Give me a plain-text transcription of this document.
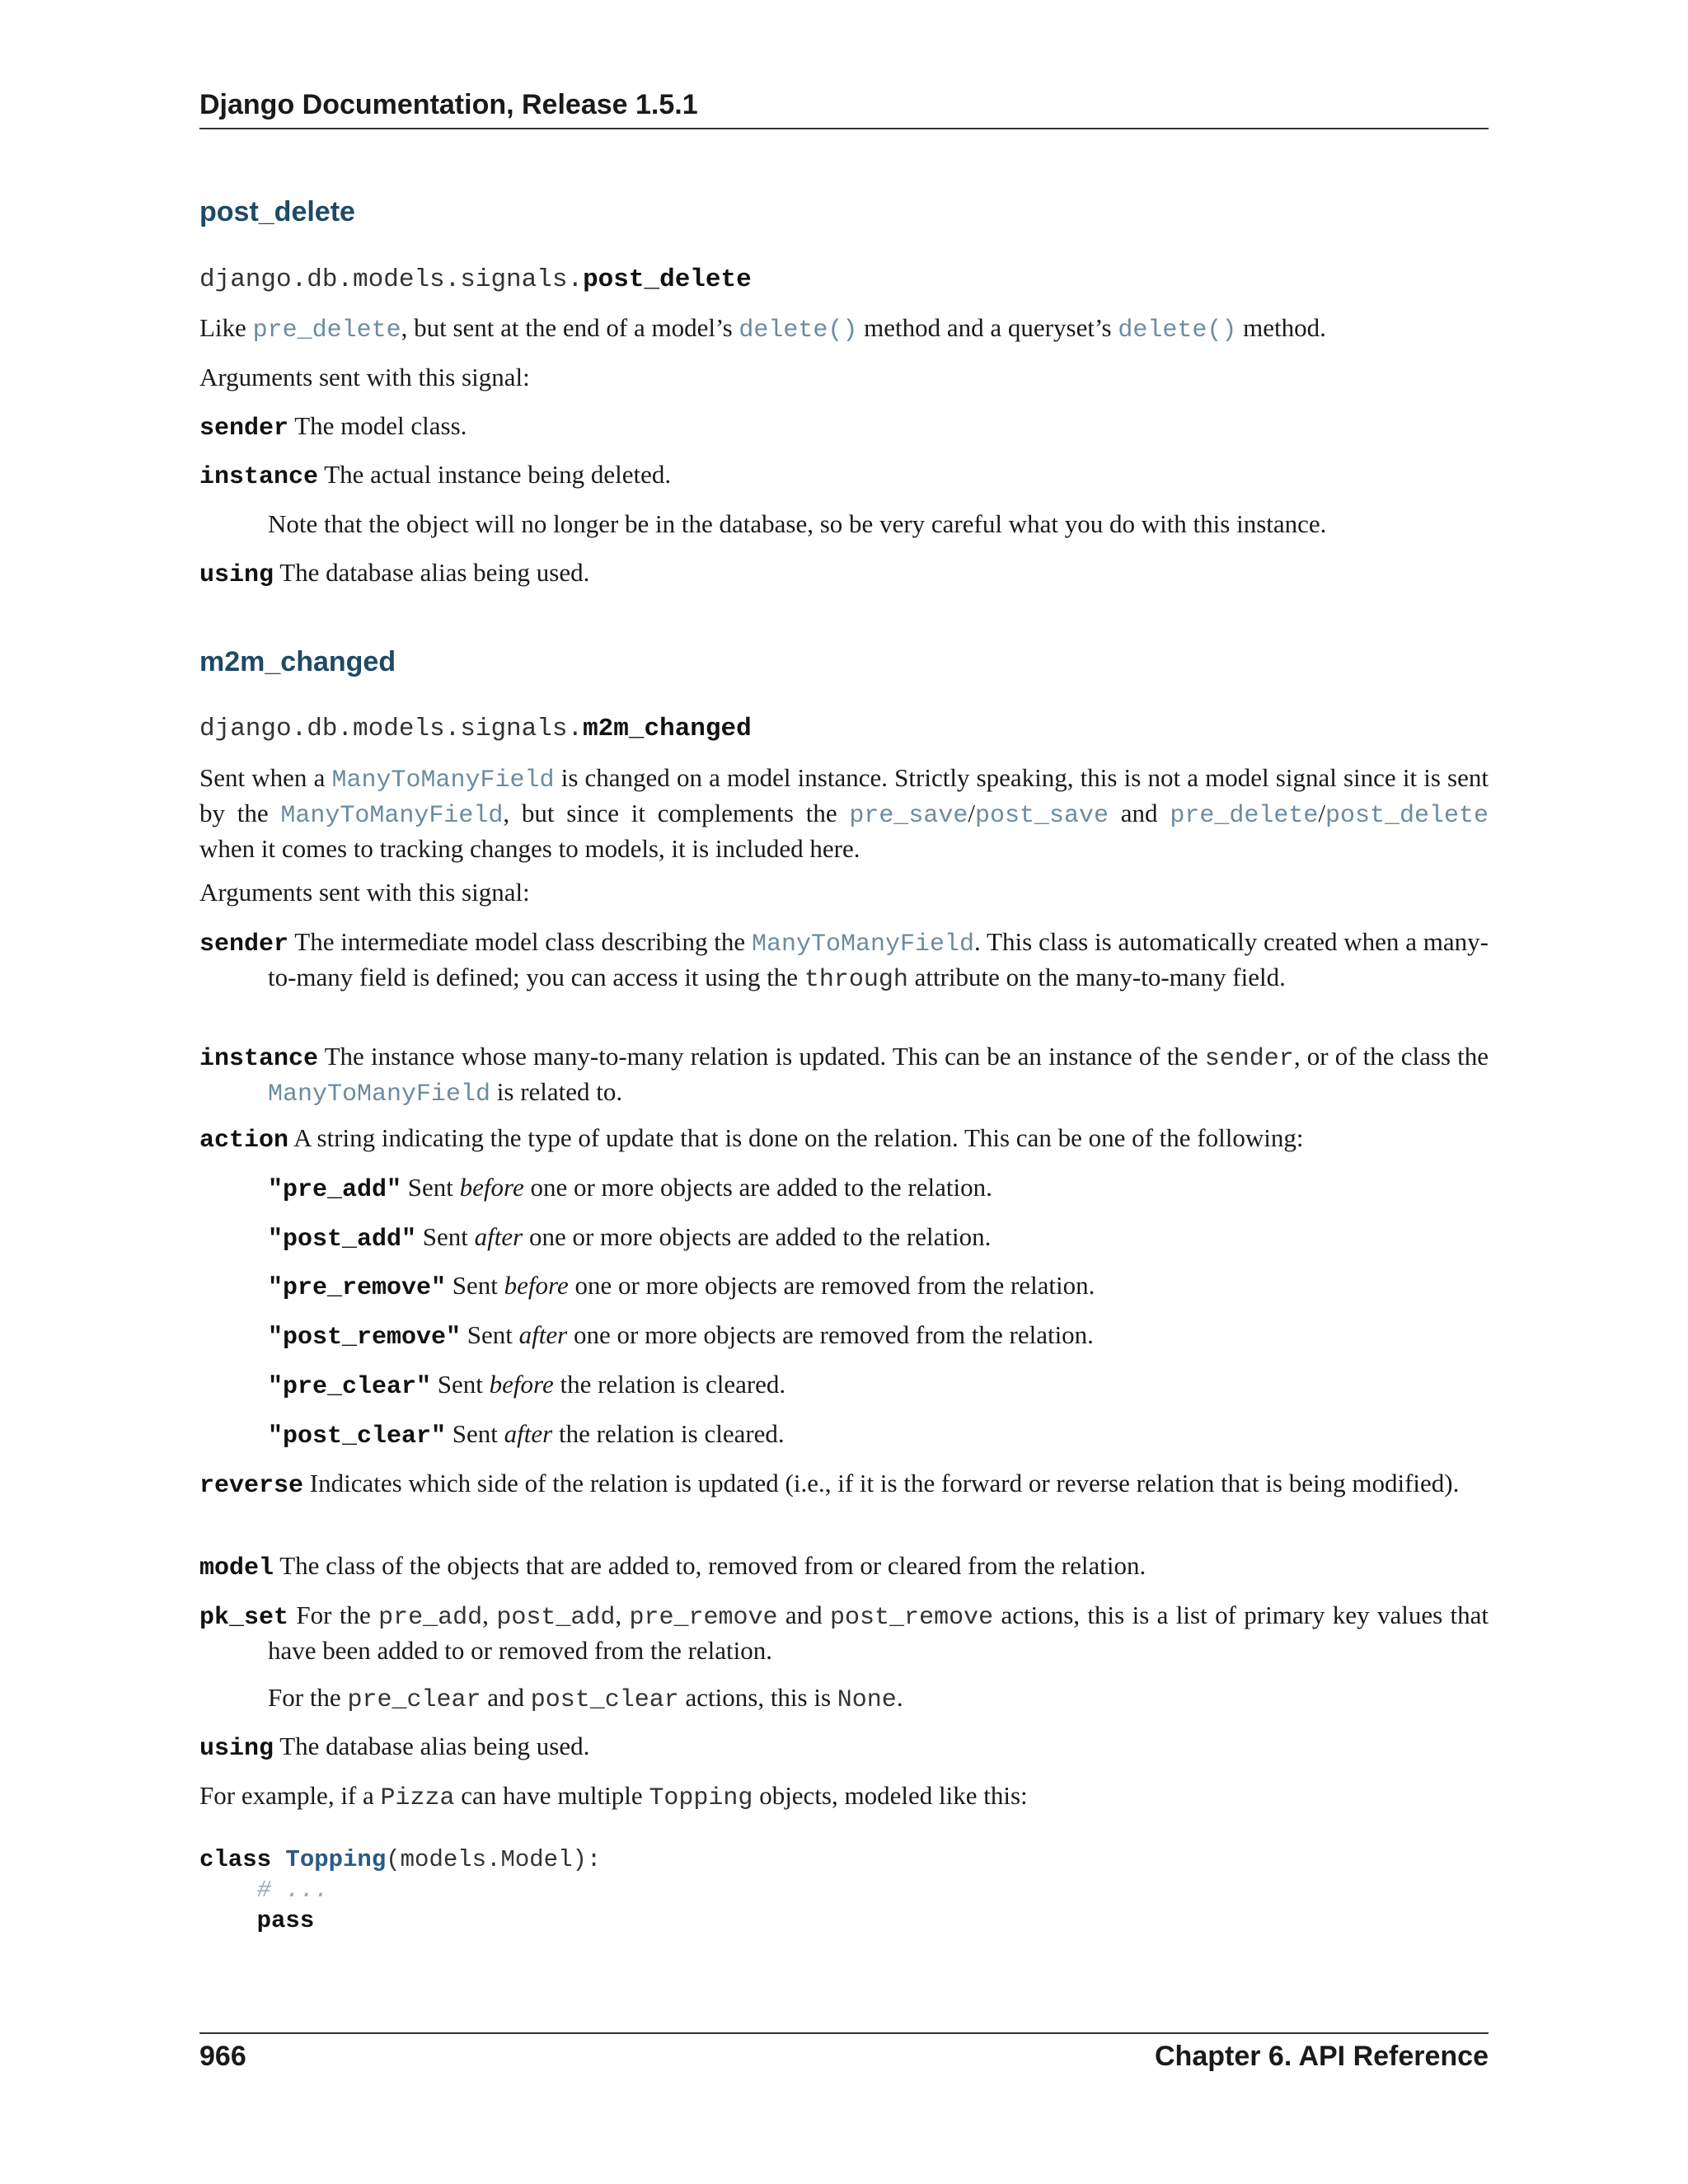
Django Documentation, Release 1.5.1
post_delete
django.db.models.signals.post_delete
Like pre_delete, but sent at the end of a model’s delete() method and a queryset’s delete() method.
Arguments sent with this signal:
sender The model class.
instance The actual instance being deleted.
Note that the object will no longer be in the database, so be very careful what you do with this instance.
using The database alias being used.
m2m_changed
django.db.models.signals.m2m_changed
Sent when a ManyToManyField is changed on a model instance. Strictly speaking, this is not a model signal since it is sent by the ManyToManyField, but since it complements the pre_save/post_save and pre_delete/post_delete when it comes to tracking changes to models, it is included here.
Arguments sent with this signal:
sender The intermediate model class describing the ManyToManyField. This class is automatically created when a many-to-many field is defined; you can access it using the through attribute on the many-to-many field.
instance The instance whose many-to-many relation is updated. This can be an instance of the sender, or of the class the ManyToManyField is related to.
action A string indicating the type of update that is done on the relation. This can be one of the following:
"pre_add" Sent before one or more objects are added to the relation.
"post_add" Sent after one or more objects are added to the relation.
"pre_remove" Sent before one or more objects are removed from the relation.
"post_remove" Sent after one or more objects are removed from the relation.
"pre_clear" Sent before the relation is cleared.
"post_clear" Sent after the relation is cleared.
reverse Indicates which side of the relation is updated (i.e., if it is the forward or reverse relation that is being modified).
model The class of the objects that are added to, removed from or cleared from the relation.
pk_set For the pre_add, post_add, pre_remove and post_remove actions, this is a list of primary key values that have been added to or removed from the relation.
For the pre_clear and post_clear actions, this is None.
using The database alias being used.
For example, if a Pizza can have multiple Topping objects, modeled like this:
class Topping(models.Model):
# ...
pass
966	Chapter 6. API Reference
